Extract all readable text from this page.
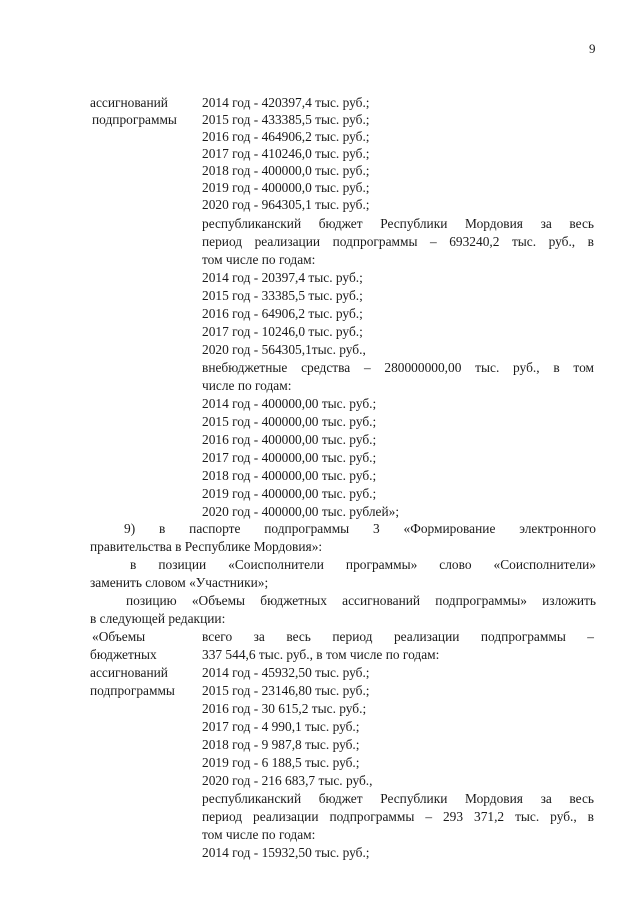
9
ассигнований
подпрограммы
2014 год - 420397,4 тыс. руб.;
2015 год - 433385,5 тыс. руб.;
2016 год - 464906,2 тыс. руб.;
2017 год - 410246,0 тыс. руб.;
2018 год - 400000,0 тыс. руб.;
2019 год - 400000,0 тыс. руб.;
2020 год - 964305,1 тыс. руб.;
республиканский бюджет Республики Мордовия за весь
период реализации подпрограммы – 693240,2 тыс. руб., в
том числе по годам:
2014 год - 20397,4 тыс. руб.;
2015 год - 33385,5 тыс. руб.;
2016 год - 64906,2 тыс. руб.;
2017 год - 10246,0 тыс. руб.;
2020 год - 564305,1тыс. руб.,
внебюджетные средства – 280000000,00 тыс. руб., в том
числе по годам:
2014 год - 400000,00 тыс. руб.;
2015 год - 400000,00 тыс. руб.;
2016 год - 400000,00 тыс. руб.;
2017 год - 400000,00 тыс. руб.;
2018 год - 400000,00 тыс. руб.;
2019 год - 400000,00 тыс. руб.;
2020 год - 400000,00 тыс. рублей»;
9) в паспорте подпрограммы 3 «Формирование электронного
правительства в Республике Мордовия»:
в позиции «Соисполнители программы» слово «Соисполнители»
заменить словом «Участники»;
позицию «Объемы бюджетных ассигнований подпрограммы» изложить
в следующей редакции:
«Объемы
бюджетных
ассигнований
подпрограммы
всего за весь период реализации подпрограммы –
337 544,6 тыс. руб., в том числе по годам:
2014 год - 45932,50 тыс. руб.;
2015 год - 23146,80 тыс. руб.;
2016 год - 30 615,2 тыс. руб.;
2017 год - 4 990,1 тыс. руб.;
2018 год - 9 987,8 тыс. руб.;
2019 год - 6 188,5 тыс. руб.;
2020 год - 216 683,7 тыс. руб.,
республиканский бюджет Республики Мордовия за весь
период реализации подпрограммы – 293 371,2 тыс. руб., в
том числе по годам:
2014 год - 15932,50 тыс. руб.;
